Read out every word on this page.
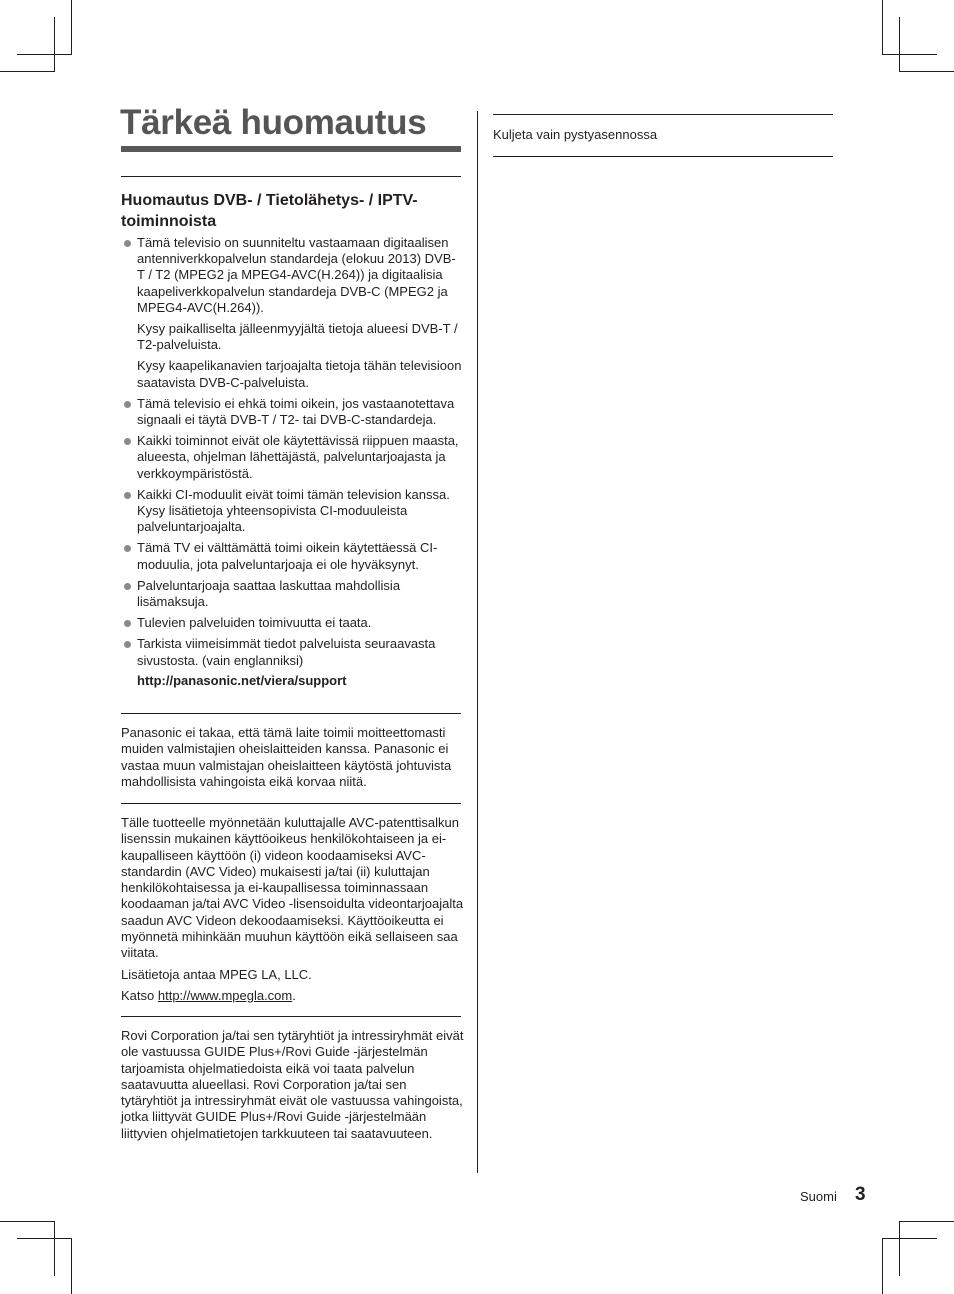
Tärkeä huomautus
Huomautus DVB- / Tietolähetys- / IPTV-toiminnoista

Tämä televisio on suunniteltu vastaamaan digitaalisen antenniverkkopalvelun standardeja (elokuu 2013) DVB-T / T2 (MPEG2 ja MPEG4-AVC(H.264)) ja digitaalisia kaapeliverkkopalvelun standardeja DVB-C (MPEG2 ja MPEG4-AVC(H.264)).

Kysy paikalliselta jälleenmyyjältä tietoja alueesi DVB-T / T2-palveluista.

Kysy kaapelikanavien tarjoajalta tietoja tähän televisioon saatavista DVB-C-palveluista.

Tämä televisio ei ehkä toimi oikein, jos vastaanotettava signaali ei täytä DVB-T / T2- tai DVB-C-standardeja.
Kaikki toiminnot eivät ole käytettävissä riippuen maasta, alueesta, ohjelman lähettäjästä, palveluntarjoajasta ja verkkoympäristöstä.
Kaikki CI-moduulit eivät toimi tämän television kanssa. Kysy lisätietoja yhteensopivista CI-moduuleista palveluntarjoajalta.
Tämä TV ei välttämättä toimi oikein käytettäessä CI-moduulia, jota palveluntarjoaja ei ole hyväksynyt.
Palveluntarjoaja saattaa laskuttaa mahdollisia lisämaksuja.
Tulevien palveluiden toimivuutta ei taata.
Tarkista viimeisimmät tiedot palveluista seuraavasta sivustosta. (vain englanniksi)

http://panasonic.net/viera/support

Panasonic ei takaa, että tämä laite toimii moitteettomasti muiden valmistajien oheislaitteiden kanssa. Panasonic ei vastaa muun valmistajan oheislaitteen käytöstä johtuvista mahdollisista vahingoista eikä korvaa niitä.

Tälle tuotteelle myönnetään kuluttajalle AVC-patenttisalkun lisenssin mukainen käyttöoikeus henkilökohtaiseen ja ei-kaupalliseen käyttöön (i) videon koodaamiseksi AVC-standardin (AVC Video) mukaisesti ja/tai (ii) kuluttajan henkilökohtaisessa ja ei-kaupallisessa toiminnassaan koodaaman ja/tai AVC Video -lisensoidulta videontarjoajalta saadun AVC Videon dekoodaamiseksi. Käyttöoikeutta ei myönnetä mihinkään muuhun käyttöön eikä sellaiseen saa viitata.

Lisätietoja antaa MPEG LA, LLC.

Katso http://www.mpegla.com.

Rovi Corporation ja/tai sen tytäryhtiöt ja intressiryhmät eivät ole vastuussa GUIDE Plus+/Rovi Guide -järjestelmän tarjoamista ohjelmatiedoista eikä voi taata palvelun saatavuutta alueellasi. Rovi Corporation ja/tai sen tytäryhtiöt ja intressiryhmät eivät ole vastuussa vahingoista, jotka liittyvät GUIDE Plus+/Rovi Guide -järjestelmään liittyvien ohjelmatietojen tarkkuuteen tai saatavuuteen.

Kuljeta vain pystyasennossa

Suomi 3
